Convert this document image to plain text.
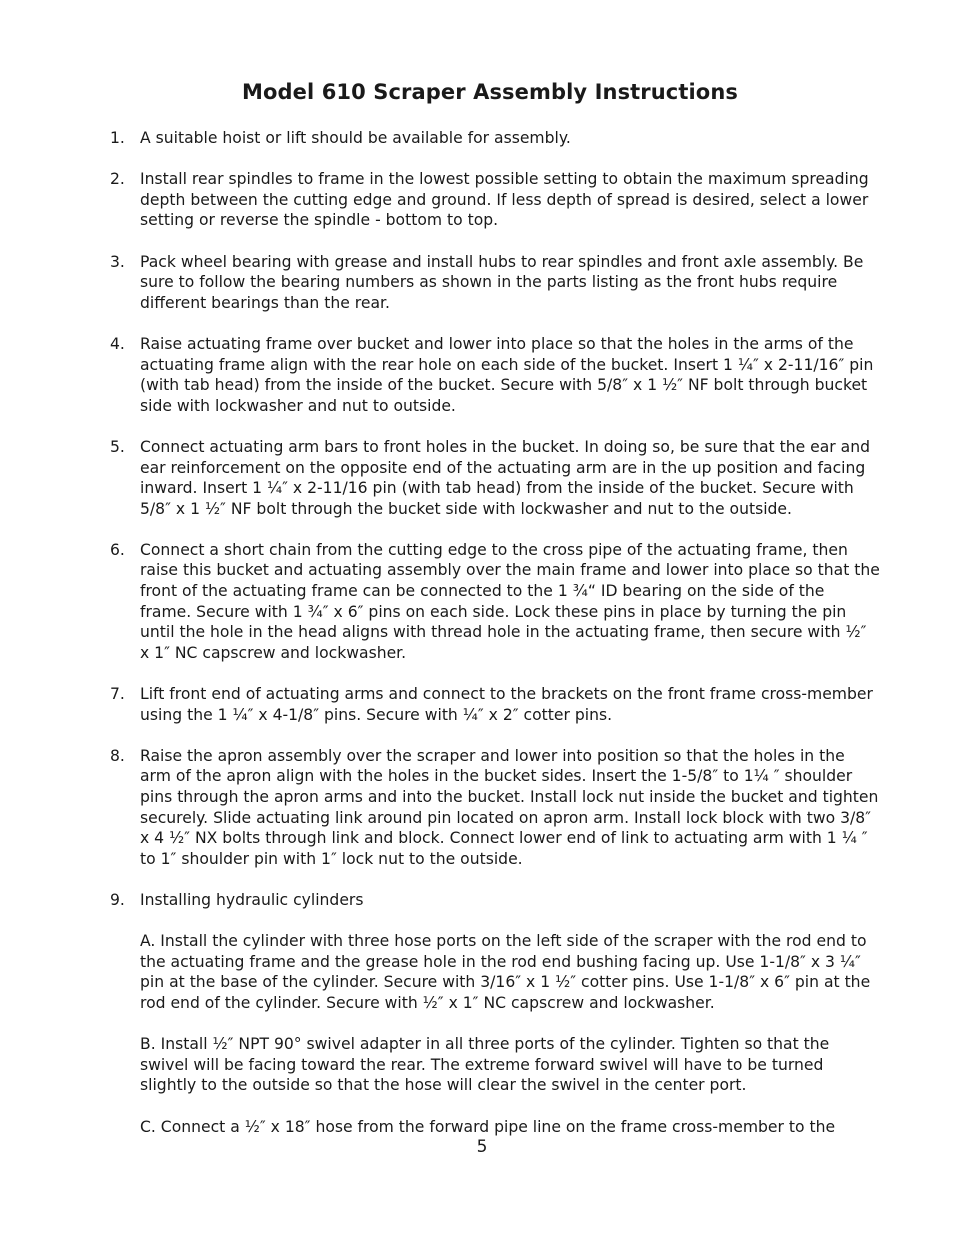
Model 610 Scraper Assembly Instructions
1. A suitable hoist or lift should be available for assembly.
2. Install rear spindles to frame in the lowest possible setting to obtain the maximum spreading depth between the cutting edge and ground. If less depth of spread is desired, select a lower setting or reverse the spindle - bottom to top.
3. Pack wheel bearing with grease and install hubs to rear spindles and front axle assembly. Be sure to follow the bearing numbers as shown in the parts listing as the front hubs require different bearings than the rear.
4. Raise actuating frame over bucket and lower into place so that the holes in the arms of the actuating frame align with the rear hole on each side of the bucket. Insert 1 ¼″ x 2-11/16″ pin (with tab head) from the inside of the bucket. Secure with 5/8″ x 1 ½″ NF bolt through bucket side with lockwasher and nut to outside.
5. Connect actuating arm bars to front holes in the bucket. In doing so, be sure that the ear and ear reinforcement on the opposite end of the actuating arm are in the up position and facing inward. Insert 1 ¼″ x 2-11/16 pin (with tab head) from the inside of the bucket. Secure with 5/8″ x 1 ½″ NF bolt through the bucket side with lockwasher and nut to the outside.
6. Connect a short chain from the cutting edge to the cross pipe of the actuating frame, then raise this bucket and actuating assembly over the main frame and lower into place so that the front of the actuating frame can be connected to the 1 ¾“ ID bearing on the side of the frame. Secure with 1 ¾″ x 6″ pins on each side. Lock these pins in place by turning the pin until the hole in the head aligns with thread hole in the actuating frame, then secure with ½″ x 1″ NC capscrew and lockwasher.
7. Lift front end of actuating arms and connect to the brackets on the front frame cross-member using the 1 ¼″ x 4-1/8″ pins. Secure with ¼″ x 2″ cotter pins.
8. Raise the apron assembly over the scraper and lower into position so that the holes in the arm of the apron align with the holes in the bucket sides. Insert the 1-5/8″ to 1¼ ″ shoulder pins through the apron arms and into the bucket. Install lock nut inside the bucket and tighten securely. Slide actuating link around pin located on apron arm. Install lock block with two 3/8″ x 4 ½″ NX bolts through link and block. Connect lower end of link to actuating arm with 1 ¼ ″ to 1″ shoulder pin with 1″ lock nut to the outside.
9. Installing hydraulic cylinders
A. Install the cylinder with three hose ports on the left side of the scraper with the rod end to the actuating frame and the grease hole in the rod end bushing facing up. Use 1-1/8″ x 3 ¼″ pin at the base of the cylinder. Secure with 3/16″ x 1 ½″ cotter pins. Use 1-1/8″ x 6″ pin at the rod end of the cylinder. Secure with ½″ x 1″ NC capscrew and lockwasher.
B. Install ½″ NPT 90° swivel adapter in all three ports of the cylinder. Tighten so that the swivel will be facing toward the rear. The extreme forward swivel will have to be turned slightly to the outside so that the hose will clear the swivel in the center port.
C. Connect a ½″ x 18″ hose from the forward pipe line on the frame cross-member to the
5
